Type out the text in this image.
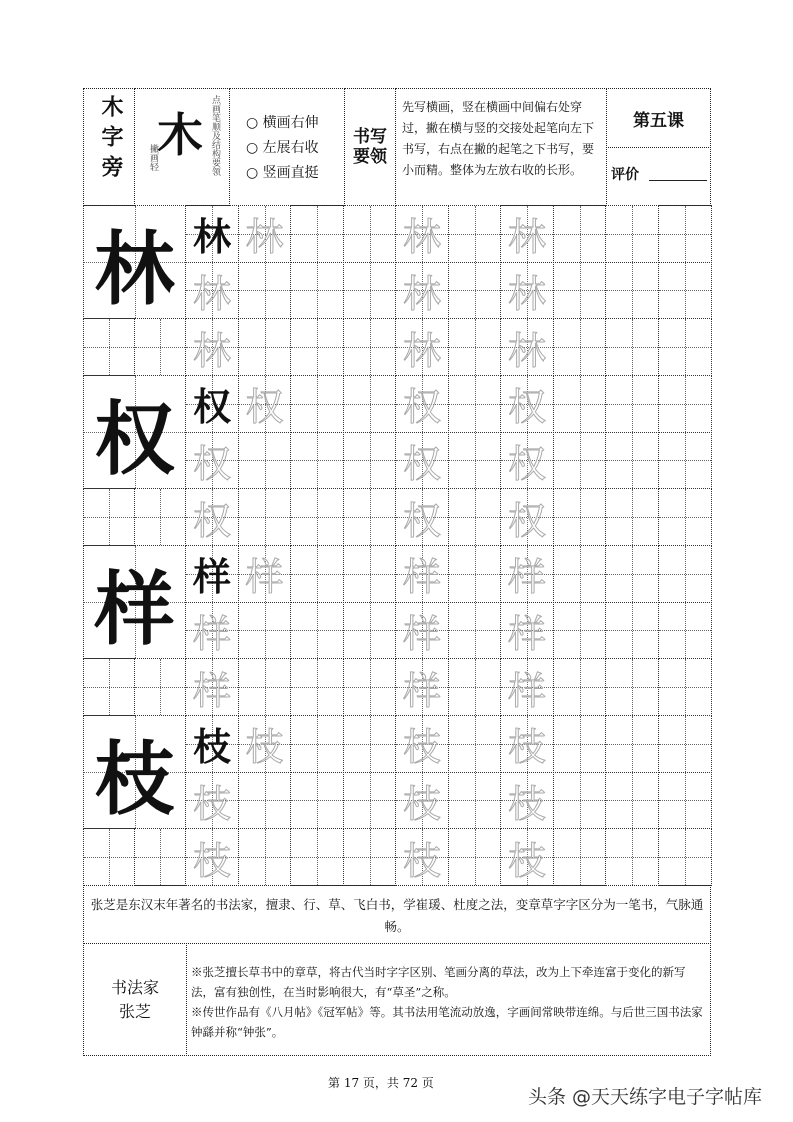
木字旁 木
撇画轻	点画笔顺及结构要领 ○ 横画右伸
○ 左展右收
○ 竖画直挺
书写要领
先写横画，竖在横画中间偏右处穿过，撇在横与竖的交接处起笔向左下书写，右点在撇的起笔之下书写，要小而精。整体为左放右收的长形。
第五课
评价
林 林 林	林 林
林	林 林
林	林 林
权 权 权	权 权
权	权 权
权	权 权
样 样 样	样 样
样	样 样
样	样 样
枝 枝 枝	枝 枝
枝	枝 枝
枝	枝 枝
张芝是东汉末年著名的书法家，擅隶、行、草、飞白书，学崔瑗、杜度之法，变章草字字区分为一笔书，气脉通畅。
书法家
张芝
※张芝擅长草书中的章草，将古代当时字字区别、笔画分离的草法，改为上下牵连富于变化的新写法，富有独创性，在当时影响很大，有“草圣”之称。
※传世作品有《八月帖》《冠军帖》等。其书法用笔流动放逸，字画间常映带连绵。与后世三国书法家钟繇并称“钟张”。
第 17 页，共 72 页
头条 @天天练字电子字帖库
